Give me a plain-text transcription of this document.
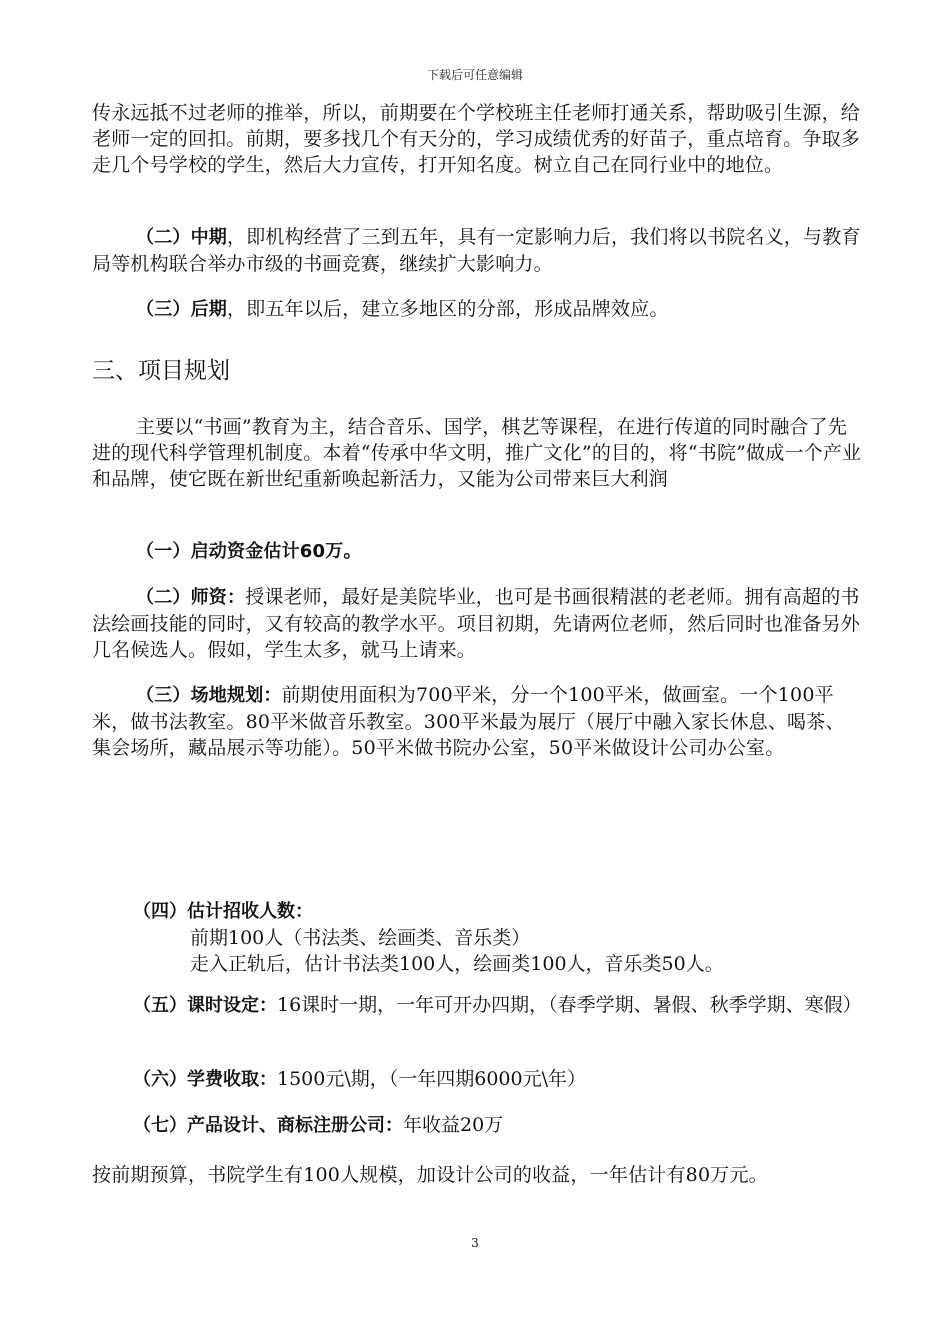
下载后可任意编辑

传永远抵不过老师的推举，所以，前期要在个学校班主任老师打通关系，帮助吸引生源，给老师一定的回扣。前期，要多找几个有天分的，学习成绩优秀的好苗子，重点培育。争取多走几个号学校的学生，然后大力宣传，打开知名度。树立自己在同行业中的地位。

（二）中期，即机构经营了三到五年，具有一定影响力后，我们将以书院名义，与教育局等机构联合举办市级的书画竞赛，继续扩大影响力。

（三）后期，即五年以后，建立多地区的分部，形成品牌效应。

三、项目规划

主要以“书画”教育为主，结合音乐、国学，棋艺等课程，在进行传道的同时融合了先进的现代科学管理机制度。本着“传承中华文明，推广文化”的目的，将“书院”做成一个产业和品牌，使它既在新世纪重新唤起新活力，又能为公司带来巨大利润

（一）启动资金估计60万。

（二）师资：授课老师，最好是美院毕业，也可是书画很精湛的老老师。拥有高超的书法绘画技能的同时，又有较高的教学水平。项目初期，先请两位老师，然后同时也准备另外几名候选人。假如，学生太多，就马上请来。

（三）场地规划：前期使用面积为700平米，分一个100平米，做画室。一个100平米，做书法教室。80平米做音乐教室。300平米最为展厅（展厅中融入家长休息、喝茶、集会场所，藏品展示等功能）。50平米做书院办公室，50平米做设计公司办公室。

（四）估计招收人数：
前期100人（书法类、绘画类、音乐类）
走入正轨后，估计书法类100人，绘画类100人，音乐类50人。
（五）课时设定：16课时一期，一年可开办四期，（春季学期、暑假、秋季学期、寒假）
（六）学费收取：1500元\期，（一年四期6000元\年）
（七）产品设计、商标注册公司：年收益20万

按前期预算，书院学生有100人规模，加设计公司的收益，一年估计有80万元。

3
